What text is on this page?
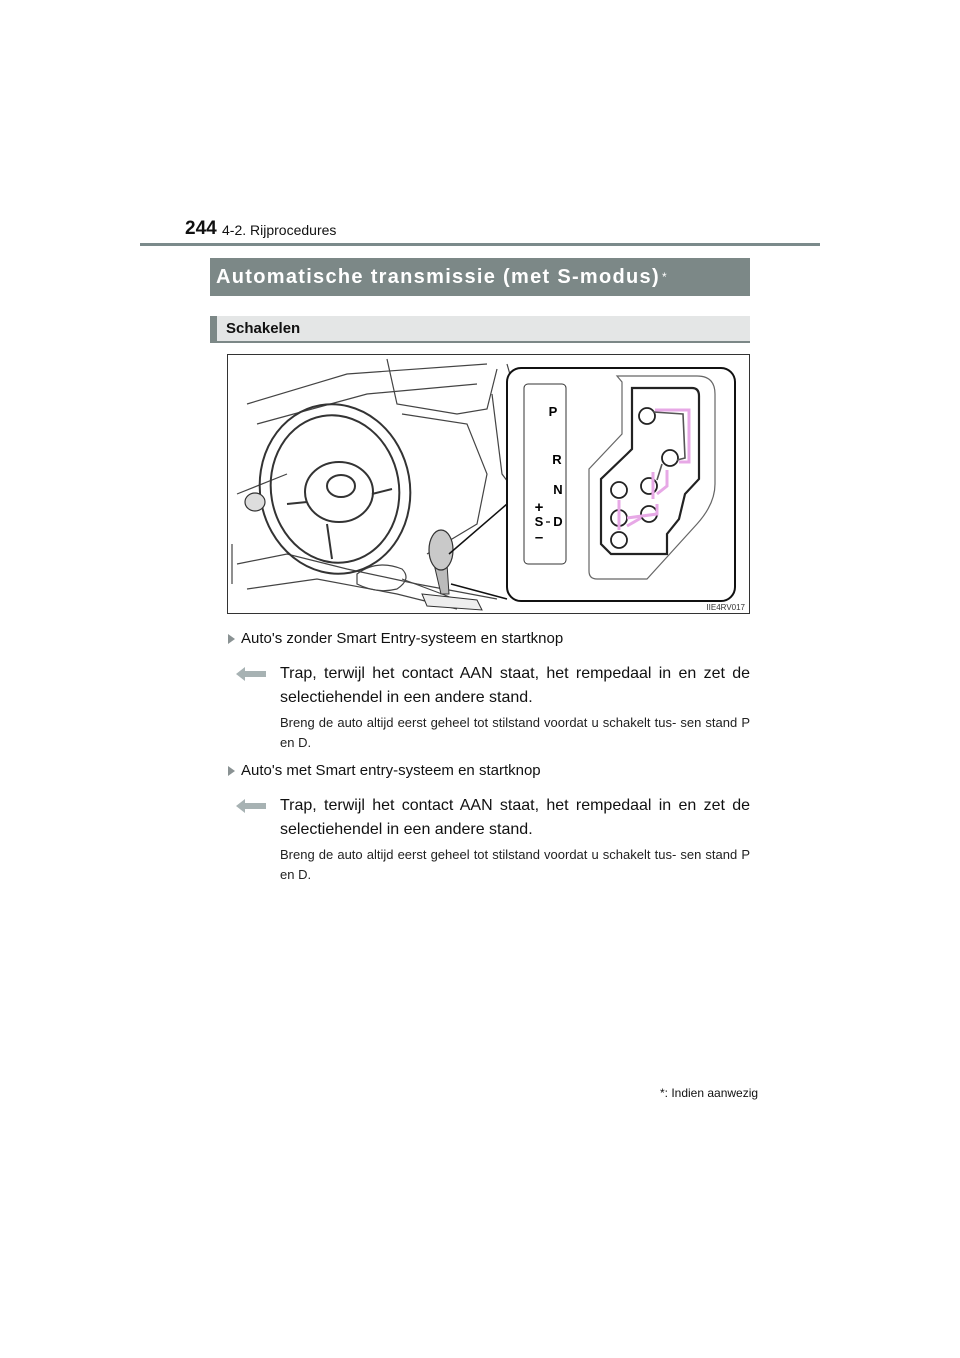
244 4-2. Rijprocedures
Automatische transmissie (met S-modus) *
Schakelen
P
R
N
D
S
+
–
IIE4RV017
Auto's zonder Smart Entry-systeem en startknop
Trap, terwijl het contact AAN staat, het rempedaal in en zet de selectiehendel in een andere stand.
Breng de auto altijd eerst geheel tot stilstand voordat u schakelt tus- sen stand P en D.
Auto's met Smart entry-systeem en startknop
Trap, terwijl het contact AAN staat, het rempedaal in en zet de selectiehendel in een andere stand.
Breng de auto altijd eerst geheel tot stilstand voordat u schakelt tus- sen stand P en D.
*: Indien aanwezig
